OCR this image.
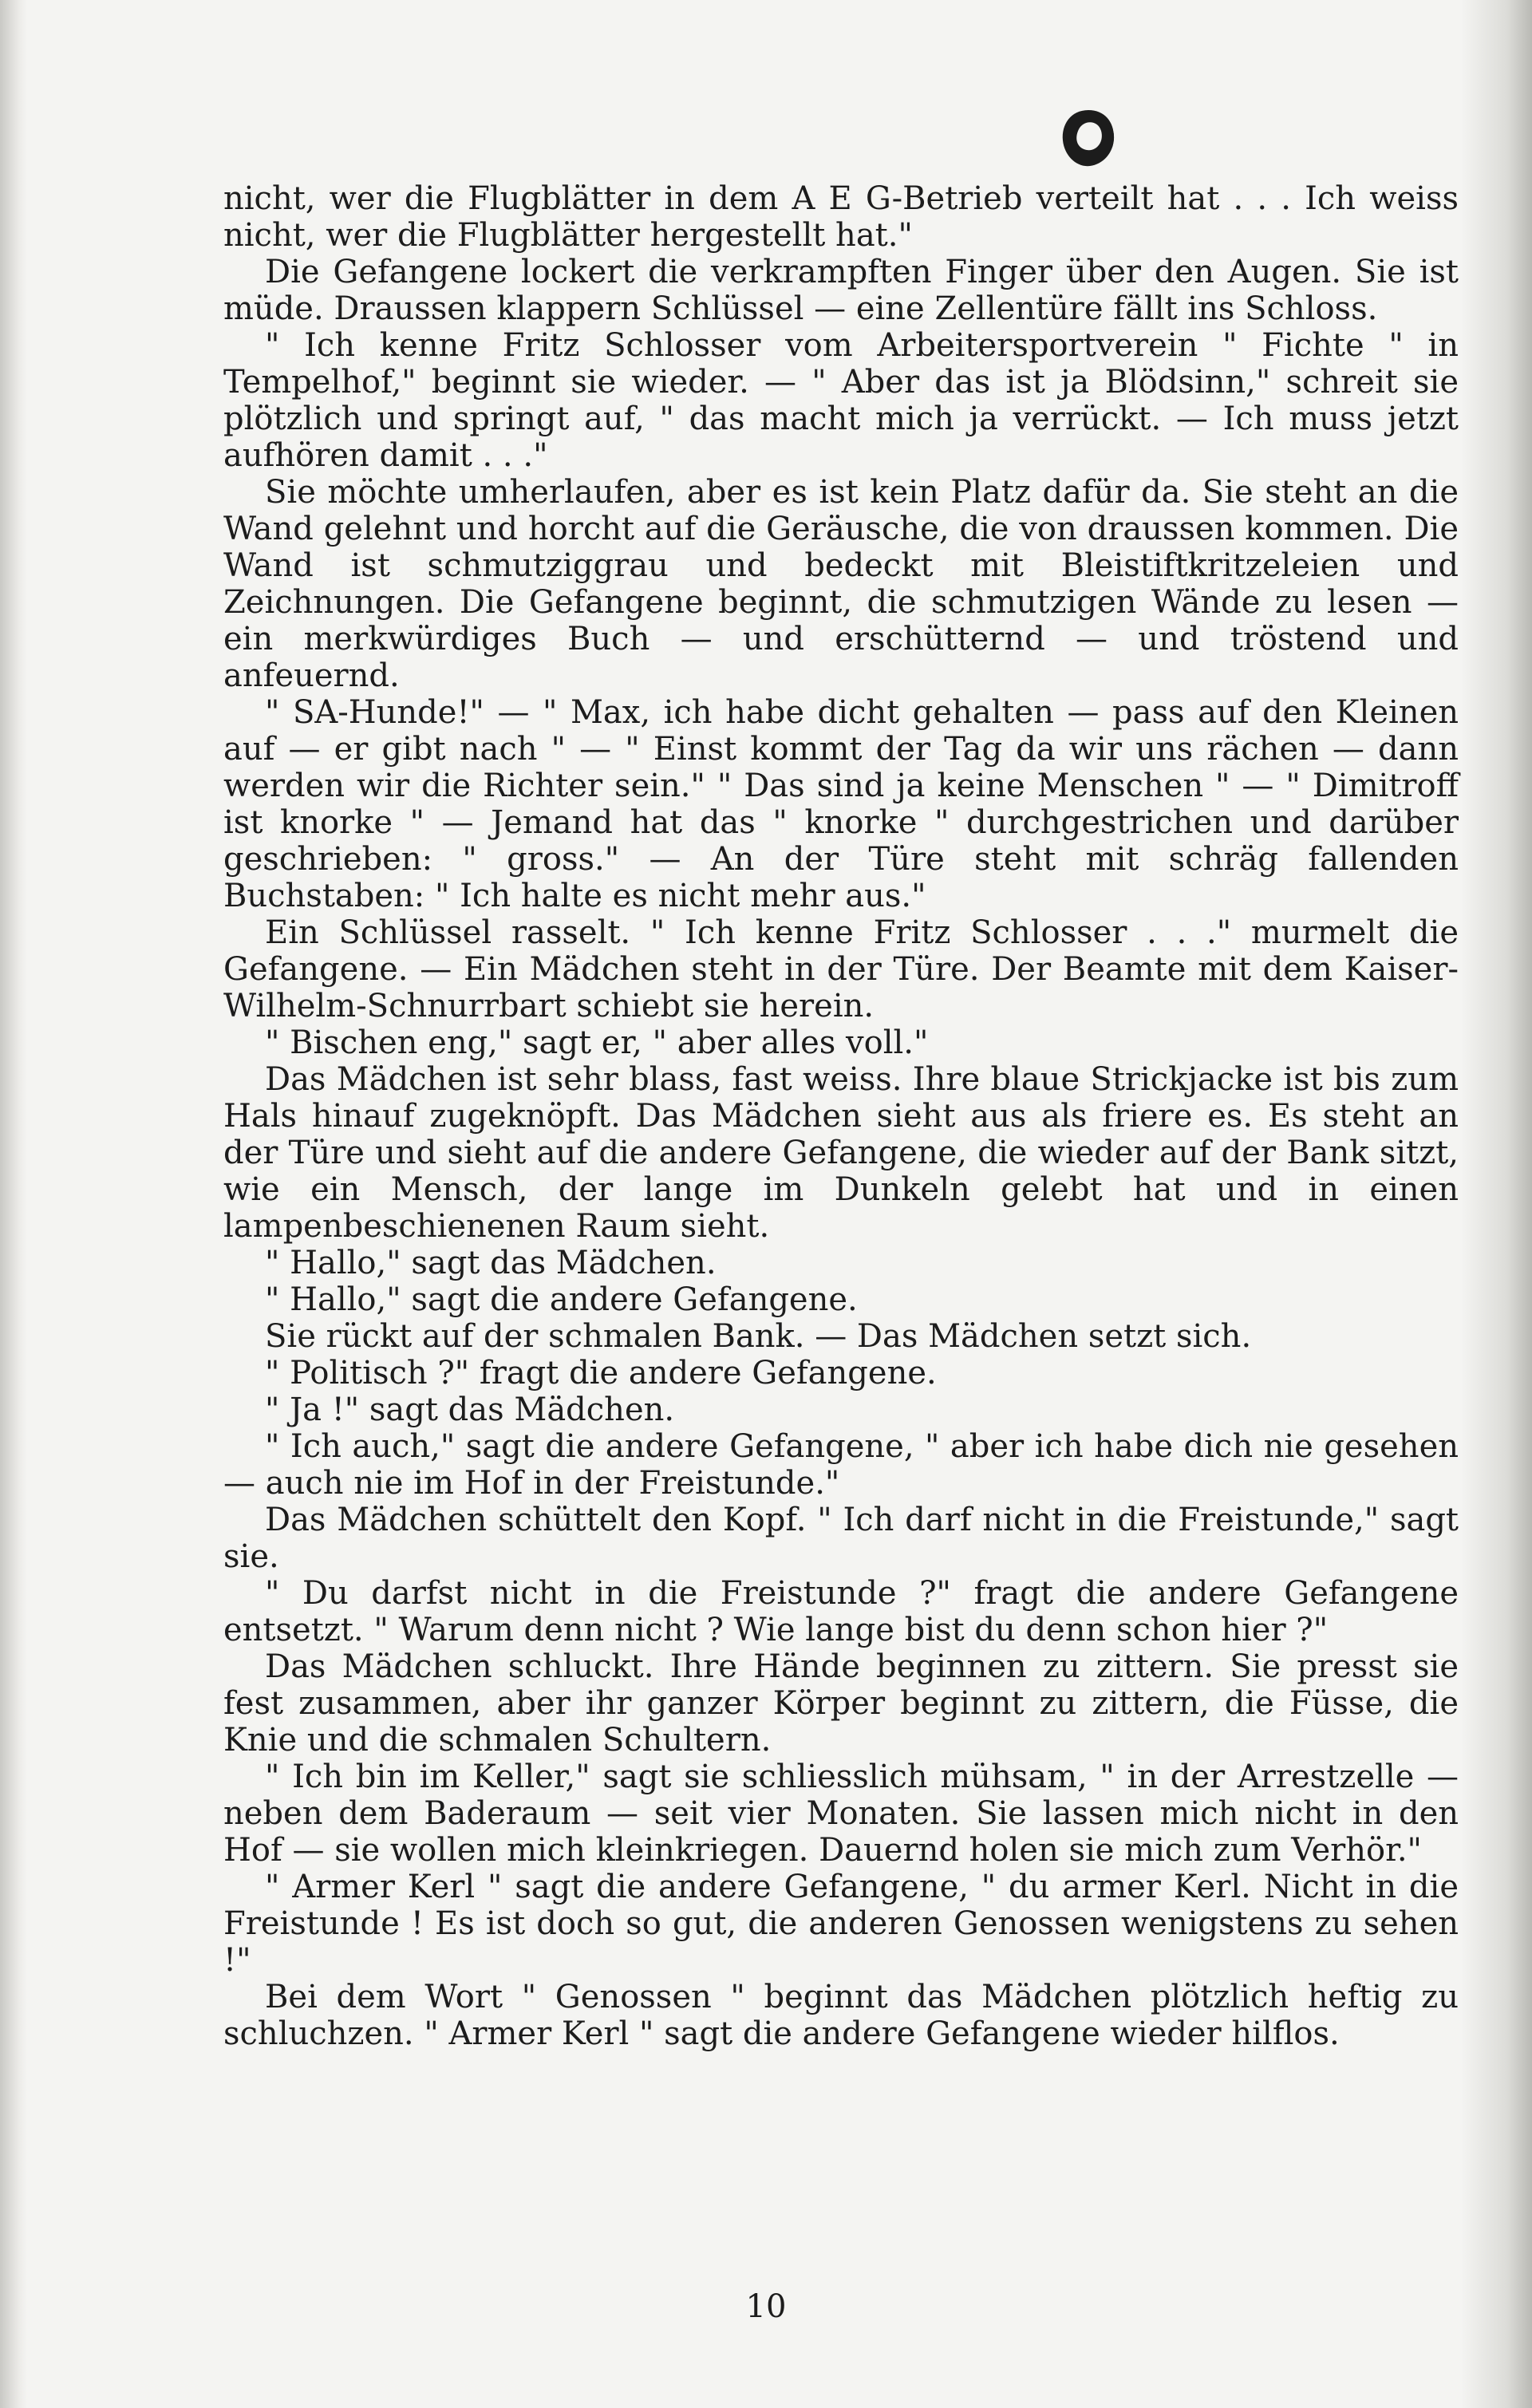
nicht, wer die Flugblätter in dem A E G-Betrieb verteilt hat . . . Ich weiss nicht, wer die Flugblätter hergestellt hat."

Die Gefangene lockert die verkrampften Finger über den Augen. Sie ist müde. Draussen klappern Schlüssel — eine Zellentüre fällt ins Schloss.

" Ich kenne Fritz Schlosser vom Arbeitersportverein " Fichte " in Tempelhof," beginnt sie wieder. — " Aber das ist ja Blödsinn," schreit sie plötzlich und springt auf, " das macht mich ja verrückt. — Ich muss jetzt aufhören damit . . ."

Sie möchte umherlaufen, aber es ist kein Platz dafür da. Sie steht an die Wand gelehnt und horcht auf die Geräusche, die von draussen kommen. Die Wand ist schmutziggrau und bedeckt mit Bleistiftkritzeleien und Zeichnungen. Die Gefangene beginnt, die schmutzigen Wände zu lesen — ein merkwürdiges Buch — und erschütternd — und tröstend und anfeuernd.

" SA-Hunde!" — " Max, ich habe dicht gehalten — pass auf den Kleinen auf — er gibt nach " — " Einst kommt der Tag da wir uns rächen — dann werden wir die Richter sein." " Das sind ja keine Menschen " — " Dimitroff ist knorke " — Jemand hat das " knorke " durchgestrichen und darüber geschrieben: " gross." — An der Türe steht mit schräg fallenden Buchstaben: " Ich halte es nicht mehr aus."

Ein Schlüssel rasselt. " Ich kenne Fritz Schlosser . . ." murmelt die Gefangene. — Ein Mädchen steht in der Türe. Der Beamte mit dem Kaiser-Wilhelm-Schnurrbart schiebt sie herein.

" Bischen eng," sagt er, " aber alles voll."

Das Mädchen ist sehr blass, fast weiss. Ihre blaue Strickjacke ist bis zum Hals hinauf zugeknöpft. Das Mädchen sieht aus als friere es. Es steht an der Türe und sieht auf die andere Gefangene, die wieder auf der Bank sitzt, wie ein Mensch, der lange im Dunkeln gelebt hat und in einen lampenbeschienenen Raum sieht.

" Hallo," sagt das Mädchen.

" Hallo," sagt die andere Gefangene.

Sie rückt auf der schmalen Bank. — Das Mädchen setzt sich.

" Politisch ?" fragt die andere Gefangene.

" Ja !" sagt das Mädchen.

" Ich auch," sagt die andere Gefangene, " aber ich habe dich nie gesehen — auch nie im Hof in der Freistunde."

Das Mädchen schüttelt den Kopf. " Ich darf nicht in die Freistunde," sagt sie.

" Du darfst nicht in die Freistunde ?" fragt die andere Gefangene entsetzt. " Warum denn nicht ? Wie lange bist du denn schon hier ?"

Das Mädchen schluckt. Ihre Hände beginnen zu zittern. Sie presst sie fest zusammen, aber ihr ganzer Körper beginnt zu zittern, die Füsse, die Knie und die schmalen Schultern.

" Ich bin im Keller," sagt sie schliesslich mühsam, " in der Arrestzelle — neben dem Baderaum — seit vier Monaten. Sie lassen mich nicht in den Hof — sie wollen mich kleinkriegen. Dauernd holen sie mich zum Verhör."

" Armer Kerl " sagt die andere Gefangene, " du armer Kerl. Nicht in die Freistunde ! Es ist doch so gut, die anderen Genossen wenigstens zu sehen !"

Bei dem Wort " Genossen " beginnt das Mädchen plötzlich heftig zu schluchzen. " Armer Kerl " sagt die andere Gefangene wieder hilflos.

10
